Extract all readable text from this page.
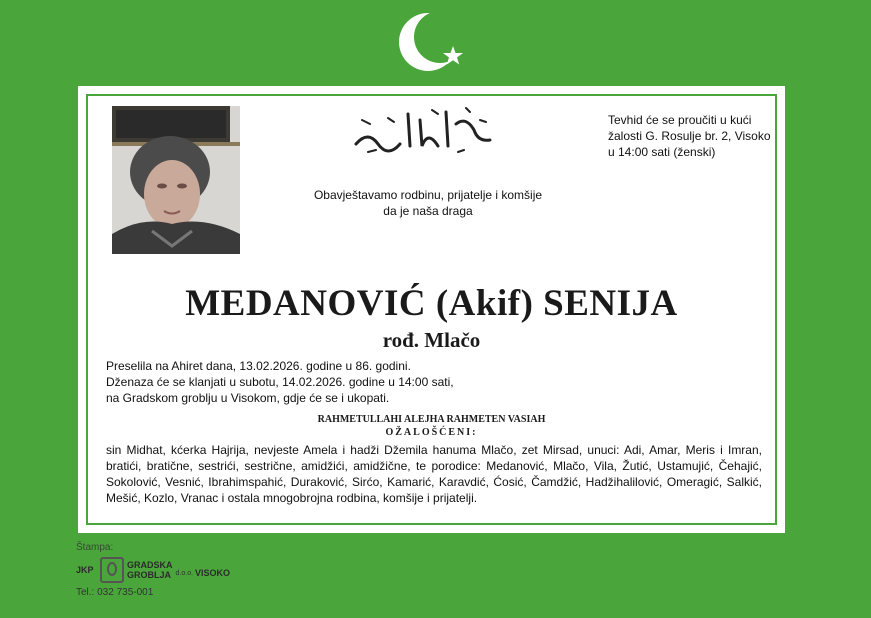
Tevhid će se proučiti u kući žalosti G. Rosulje br. 2, Visoko u 14:00 sati (ženski)
Obavještavamo rodbinu, prijatelje i komšije
da je naša draga
MEDANOVIĆ (Akif) SENIJA
rođ. Mlačo
Preselila na Ahiret dana, 13.02.2026. godine u 86. godini.
Dženaza će se klanjati u subotu, 14.02.2026. godine u 14:00 sati,
na Gradskom groblju u Visokom, gdje će se i ukopati.
RAHMETULLAHI ALEJHA RAHMETEN VASIAH
OŽALOŠĆENI:
sin Midhat, kćerka Hajrija, nevjeste Amela i hadži Džemila hanuma Mlačo, zet Mirsad, unuci: Adi, Amar, Meris i Imran, bratići, bratične, sestrići, sestrične, amidžići, amidžične, te porodice: Medanović, Mlačo, Vila, Žutić, Ustamujić, Čehajić, Sokolović, Vesnić, Ibrahimspahić, Duraković, Sirćo, Kamarić, Karavdić, Ćosić, Čamdžić, Hadžihalilović, Omeragić, Salkić, Mešić, Kozlo, Vranac i ostala mnogobrojna rodbina, komšije i prijatelji.
Štampa:
JKP	GRADSKA
GROBLJA d.o.o. VISOKO
Tel.: 032 735-001
